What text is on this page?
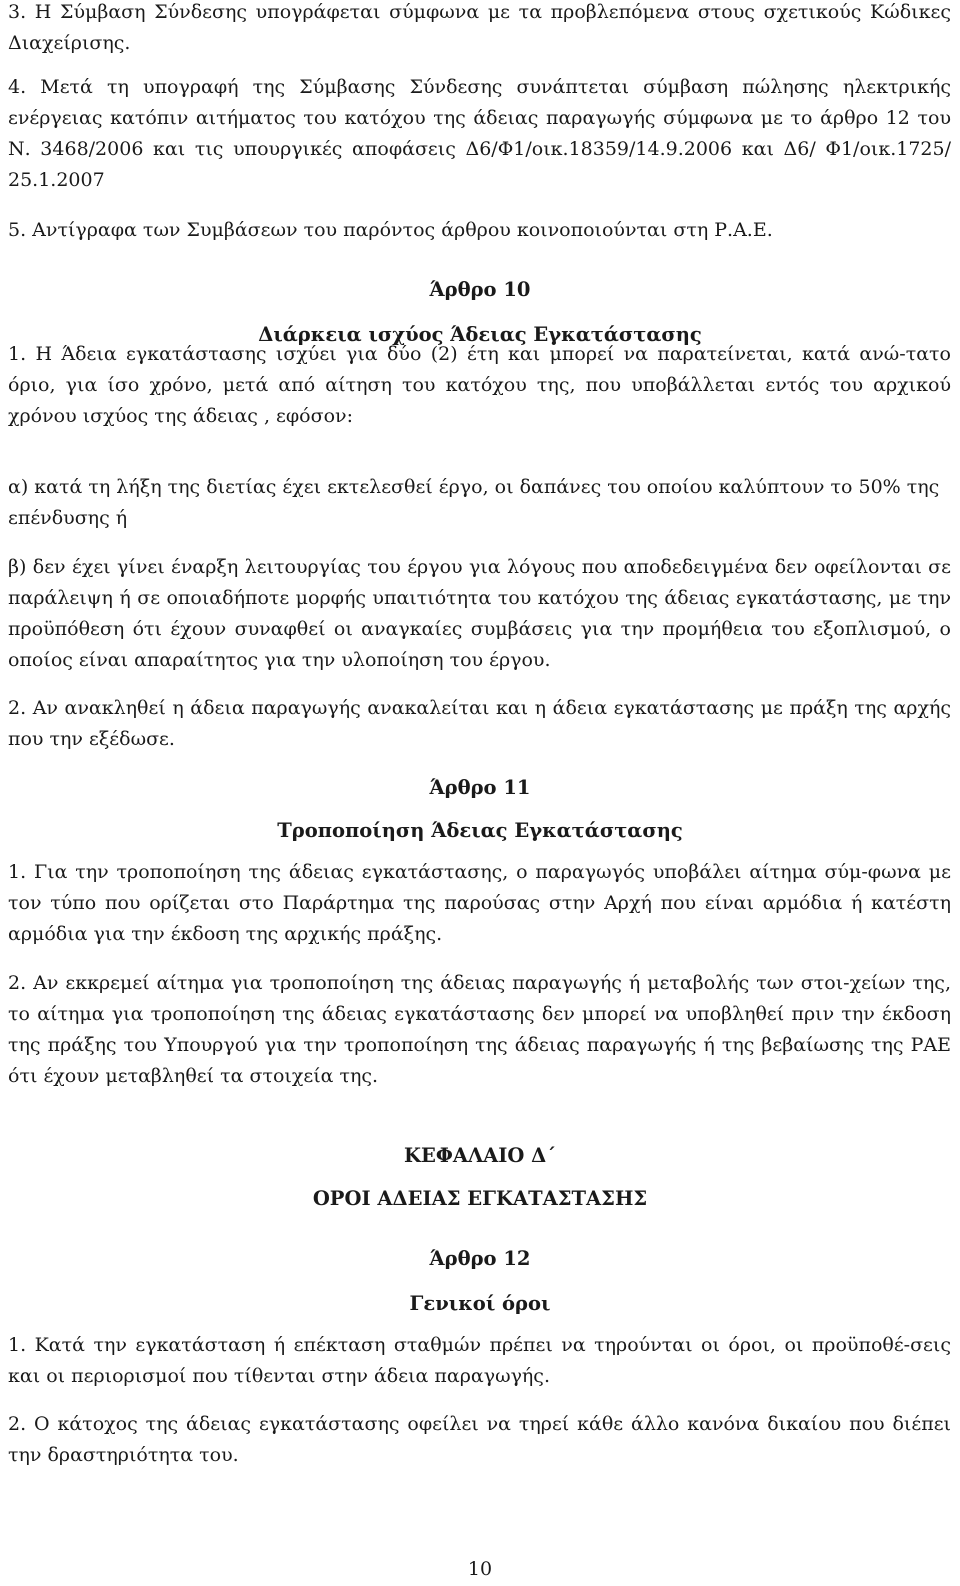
3. Η Σύμβαση Σύνδεσης υπογράφεται σύμφωνα με τα προβλεπόμενα στους σχετικούς Κώδικες Διαχείρισης.

4. Μετά τη υπογραφή της Σύμβασης Σύνδεσης συνάπτεται σύμβαση πώλησης ηλεκτρικής ενέργειας κατόπιν αιτήματος του κατόχου της άδειας παραγωγής σύμφωνα με το άρθρο 12 του Ν. 3468/2006 και τις υπουργικές αποφάσεις Δ6/Φ1/οικ.18359/14.9.2006 και Δ6/ Φ1/οικ.1725/ 25.1.2007

5. Αντίγραφα των Συμβάσεων του παρόντος άρθρου κοινοποιούνται στη Ρ.Α.Ε.

Άρθρο 10
Διάρκεια ισχύος Άδειας Εγκατάστασης

1. Η Άδεια εγκατάστασης ισχύει για δύο (2) έτη και μπορεί να παρατείνεται, κατά ανώ-τατο όριο, για ίσο χρόνο, μετά από αίτηση του κατόχου της, που υποβάλλεται εντός του αρχικού χρόνου ισχύος της άδειας , εφόσον:

α) κατά τη λήξη της διετίας έχει εκτελεσθεί έργο, οι δαπάνες του οποίου καλύπτουν το 50% της επένδυσης ή

β) δεν έχει γίνει έναρξη λειτουργίας του έργου για λόγους που αποδεδειγμένα δεν οφείλονται σε παράλειψη ή σε οποιαδήποτε μορφής υπαιτιότητα του κατόχου της άδειας εγκατάστασης, με την προϋπόθεση ότι έχουν συναφθεί οι αναγκαίες συμβάσεις για την προμήθεια του εξοπλισμού, ο οποίος είναι απαραίτητος για την υλοποίηση του έργου.

2. Αν ανακληθεί η άδεια παραγωγής ανακαλείται και η άδεια εγκατάστασης με πράξη της αρχής που την εξέδωσε.

Άρθρο 11
Τροποποίηση Άδειας Εγκατάστασης

1. Για την τροποποίηση της άδειας εγκατάστασης, ο παραγωγός υποβάλει αίτημα σύμ-φωνα με τον τύπο που ορίζεται στο Παράρτημα της παρούσας στην Αρχή που είναι αρμόδια ή κατέστη αρμόδια για την έκδοση της αρχικής πράξης.

2. Αν εκκρεμεί αίτημα για τροποποίηση της άδειας παραγωγής ή μεταβολής των στοι-χείων της, το αίτημα για τροποποίηση της άδειας εγκατάστασης δεν μπορεί να υποβληθεί πριν την έκδοση της πράξης του Υπουργού για την τροποποίηση της άδειας παραγωγής ή της βεβαίωσης της ΡΑΕ ότι έχουν μεταβληθεί τα στοιχεία της.

ΚΕΦΑΛΑΙΟ Δ΄
ΟΡΟΙ ΑΔΕΙΑΣ ΕΓΚΑΤΑΣΤΑΣΗΣ
Άρθρο 12
Γενικοί όροι

1. Κατά την εγκατάσταση ή επέκταση σταθμών πρέπει να τηρούνται οι όροι, οι προϋποθέ-σεις και οι περιορισμοί που τίθενται στην άδεια παραγωγής.

2. Ο κάτοχος της άδειας εγκατάστασης οφείλει να τηρεί κάθε άλλο κανόνα δικαίου που διέπει την δραστηριότητα του.

10
